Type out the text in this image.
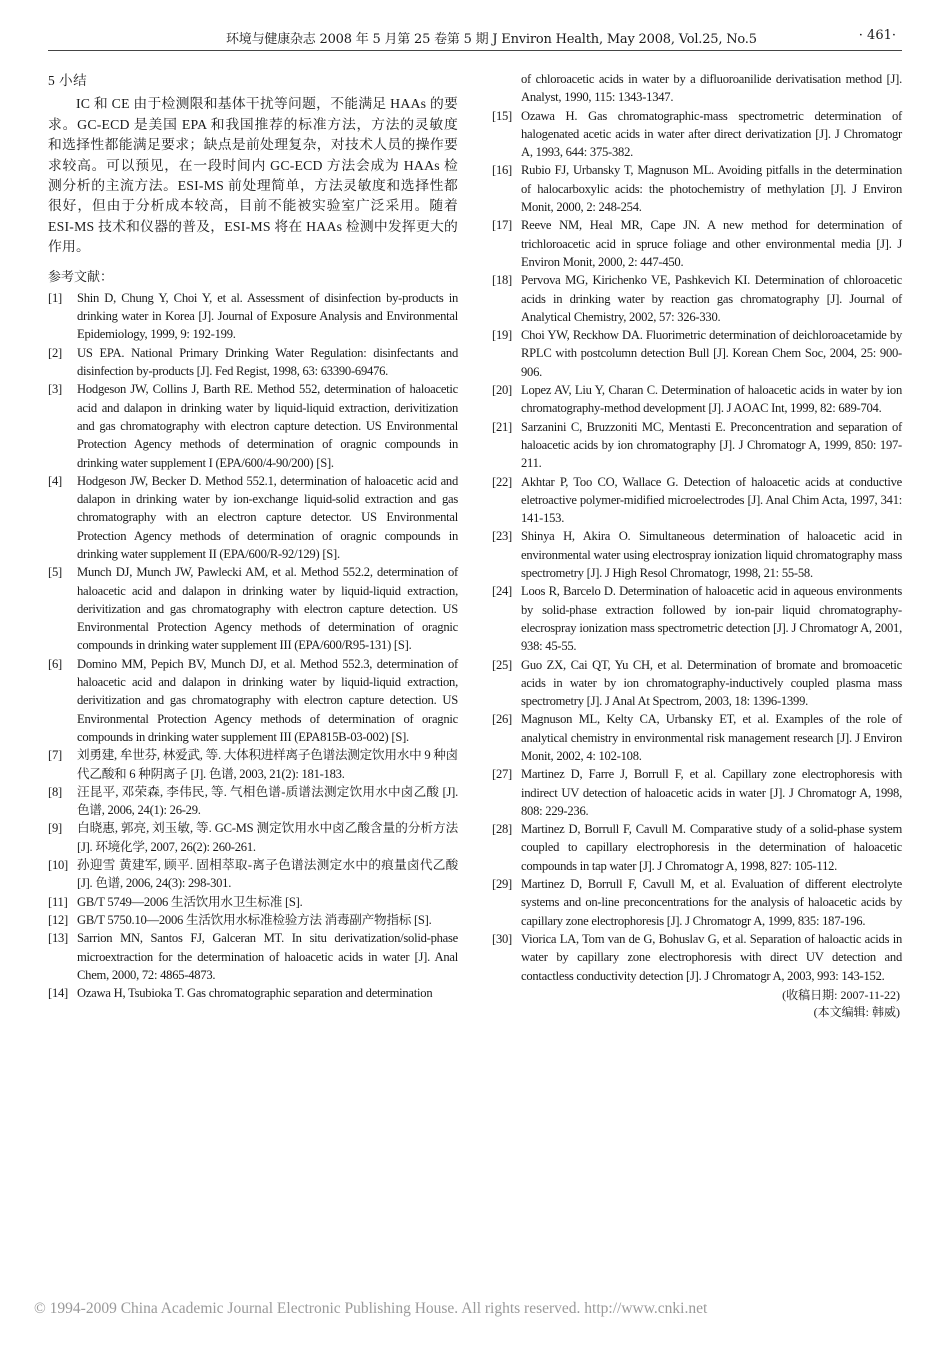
环境与健康杂志 2008 年 5 月第 25 卷第 5 期 J Environ Health, May 2008, Vol.25, No.5	· 461·
5 小结

IC 和 CE 由于检测限和基体干扰等问题，不能满足 HAAs 的要求。GC-ECD 是美国 EPA 和我国推荐的标准方法，方法的灵敏度和选择性都能满足要求；缺点是前处理复杂，对技术人员的操作要求较高。可以预见，在一段时间内 GC-ECD 方法会成为 HAAs 检测分析的主流方法。ESI-MS 前处理简单，方法灵敏度和选择性都很好，但由于分析成本较高，目前不能被实验室广泛采用。随着 ESI-MS 技术和仪器的普及，ESI-MS 将在 HAAs 检测中发挥更大的作用。

参考文献：
[1] Shin D, Chung Y, Choi Y, et al. Assessment of disinfection by-products in drinking water in Korea [J]. Journal of Exposure Analysis and Environmental Epidemiology, 1999, 9: 192-199.
[2] US EPA. National Primary Drinking Water Regulation: disinfectants and disinfection by-products [J]. Fed Regist, 1998, 63: 63390-69476.
[3] Hodgeson JW, Collins J, Barth RE. Method 552, determination of haloacetic acid and dalapon in drinking water by liquid-liquid extraction, derivitization and gas chromatography with electron capture detection. US Environmental Protection Agency methods of determination of oragnic compounds in drinking water supplement I (EPA/600/4-90/200) [S].
[4] Hodgeson JW, Becker D. Method 552.1, determination of haloacetic acid and dalapon in drinking water by ion-exchange liquid-solid extraction and gas chromatography with an electron capture detector. US Environmental Protection Agency methods of determination of oragnic compounds in drinking water supplement II (EPA/600/R-92/129) [S].
[5] Munch DJ, Munch JW, Pawlecki AM, et al. Method 552.2, determination of haloacetic acid and dalapon in drinking water by liquid-liquid extraction, derivitization and gas chromatography with electron capture detection. US Environmental Protection Agency methods of determination of oragnic compounds in drinking water supplement III (EPA/600/R95-131) [S].
[6] Domino MM, Pepich BV, Munch DJ, et al. Method 552.3, determination of haloacetic acid and dalapon in drinking water by liquid-liquid extraction, derivitization and gas chromatography with electron capture detection. US Environmental Protection Agency methods of determination of oragnic compounds in drinking water supplement III (EPA815B-03-002) [S].
[7] 刘勇建, 牟世芬, 林爱武, 等. 大体积进样离子色谱法测定饮用水中 9 种卤代乙酸和 6 种阴离子 [J]. 色谱, 2003, 21(2): 181-183.
[8] 汪昆平, 邓荣森, 李伟民, 等. 气相色谱-质谱法测定饮用水中卤乙酸 [J]. 色谱, 2006, 24(1): 26-29.
[9] 白晓惠, 郭亮, 刘玉敏, 等. GC-MS 测定饮用水中卤乙酸含量的分析方法 [J]. 环境化学, 2007, 26(2): 260-261.
[10] 孙迎雪 黄建军, 顾平. 固相萃取-离子色谱法测定水中的痕量卤代乙酸 [J]. 色谱, 2006, 24(3): 298-301.
[11] GB/T 5749—2006 生活饮用水卫生标准 [S].
[12] GB/T 5750.10—2006 生活饮用水标准检验方法 消毒副产物指标 [S].
[13] Sarrion MN, Santos FJ, Galceran MT. In situ derivatization/solid-phase microextraction for the determination of haloacetic acids in water [J]. Anal Chem, 2000, 72: 4865-4873.
[14] Ozawa H, Tsubioka T. Gas chromatographic separation and determination
of chloroacetic acids in water by a difluoroanilide derivatisation method [J]. Analyst, 1990, 115: 1343-1347.
[15] Ozawa H. Gas chromatographic-mass spectrometric determination of halogenated acetic acids in water after direct derivatization [J]. J Chromatogr A, 1993, 644: 375-382.
[16] Rubio FJ, Urbansky T, Magnuson ML. Avoiding pitfalls in the determination of halocarboxylic acids: the photochemistry of methylation [J]. J Environ Monit, 2000, 2: 248-254.
[17] Reeve NM, Heal MR, Cape JN. A new method for determination of trichloroacetic acid in spruce foliage and other environmental media [J]. J Environ Monit, 2000, 2: 447-450.
[18] Pervova MG, Kirichenko VE, Pashkevich KI. Determination of chloroacetic acids in drinking water by reaction gas chromatography [J]. Journal of Analytical Chemistry, 2002, 57: 326-330.
[19] Choi YW, Reckhow DA. Fluorimetric determination of deichloroacetamide by RPLC with postcolumn detection Bull [J]. Korean Chem Soc, 2004, 25: 900-906.
[20] Lopez AV, Liu Y, Charan C. Determination of haloacetic acids in water by ion chromatography-method development [J]. J AOAC Int, 1999, 82: 689-704.
[21] Sarzanini C, Bruzzoniti MC, Mentasti E. Preconcentration and separation of haloacetic acids by ion chromatography [J]. J Chromatogr A, 1999, 850: 197-211.
[22] Akhtar P, Too CO, Wallace G. Detection of haloacetic acids at conductive eletroactive polymer-midified microelectrodes [J]. Anal Chim Acta, 1997, 341: 141-153.
[23] Shinya H, Akira O. Simultaneous determination of haloacetic acid in environmental water using electrospray ionization liquid chromatography mass spectrometry [J]. J High Resol Chromatogr, 1998, 21: 55-58.
[24] Loos R, Barcelo D. Determination of haloacetic acid in aqueous environments by solid-phase extraction followed by ion-pair liquid chromatography-elecrospray ionization mass spectrometric detection [J]. J Chromatogr A, 2001, 938: 45-55.
[25] Guo ZX, Cai QT, Yu CH, et al. Determination of bromate and bromoacetic acids in water by ion chromatography-inductively coupled plasma mass spectrometry [J]. J Anal At Spectrom, 2003, 18: 1396-1399.
[26] Magnuson ML, Kelty CA, Urbansky ET, et al. Examples of the role of analytical chemistry in environmental risk management research [J]. J Environ Monit, 2002, 4: 102-108.
[27] Martinez D, Farre J, Borrull F, et al. Capillary zone electrophoresis with indirect UV detection of haloacetic acids in water [J]. J Chromatogr A, 1998, 808: 229-236.
[28] Martinez D, Borrull F, Cavull M. Comparative study of a solid-phase system coupled to capillary electrophoresis in the determination of haloacetic compounds in tap water [J]. J Chromatogr A, 1998, 827: 105-112.
[29] Martinez D, Borrull F, Cavull M, et al. Evaluation of different electrolyte systems and on-line preconcentrations for the analysis of haloacetic acids by capillary zone electrophoresis [J]. J Chromatogr A, 1999, 835: 187-196.
[30] Viorica LA, Tom van de G, Bohuslav G, et al. Separation of haloactic acids in water by capillary zone electrophoresis with direct UV detection and contactless conductivity detection [J]. J Chromatogr A, 2003, 993: 143-152.
(收稿日期: 2007-11-22)
(本文编辑: 韩威)
© 1994-2009 China Academic Journal Electronic Publishing House. All rights reserved. http://www.cnki.net
